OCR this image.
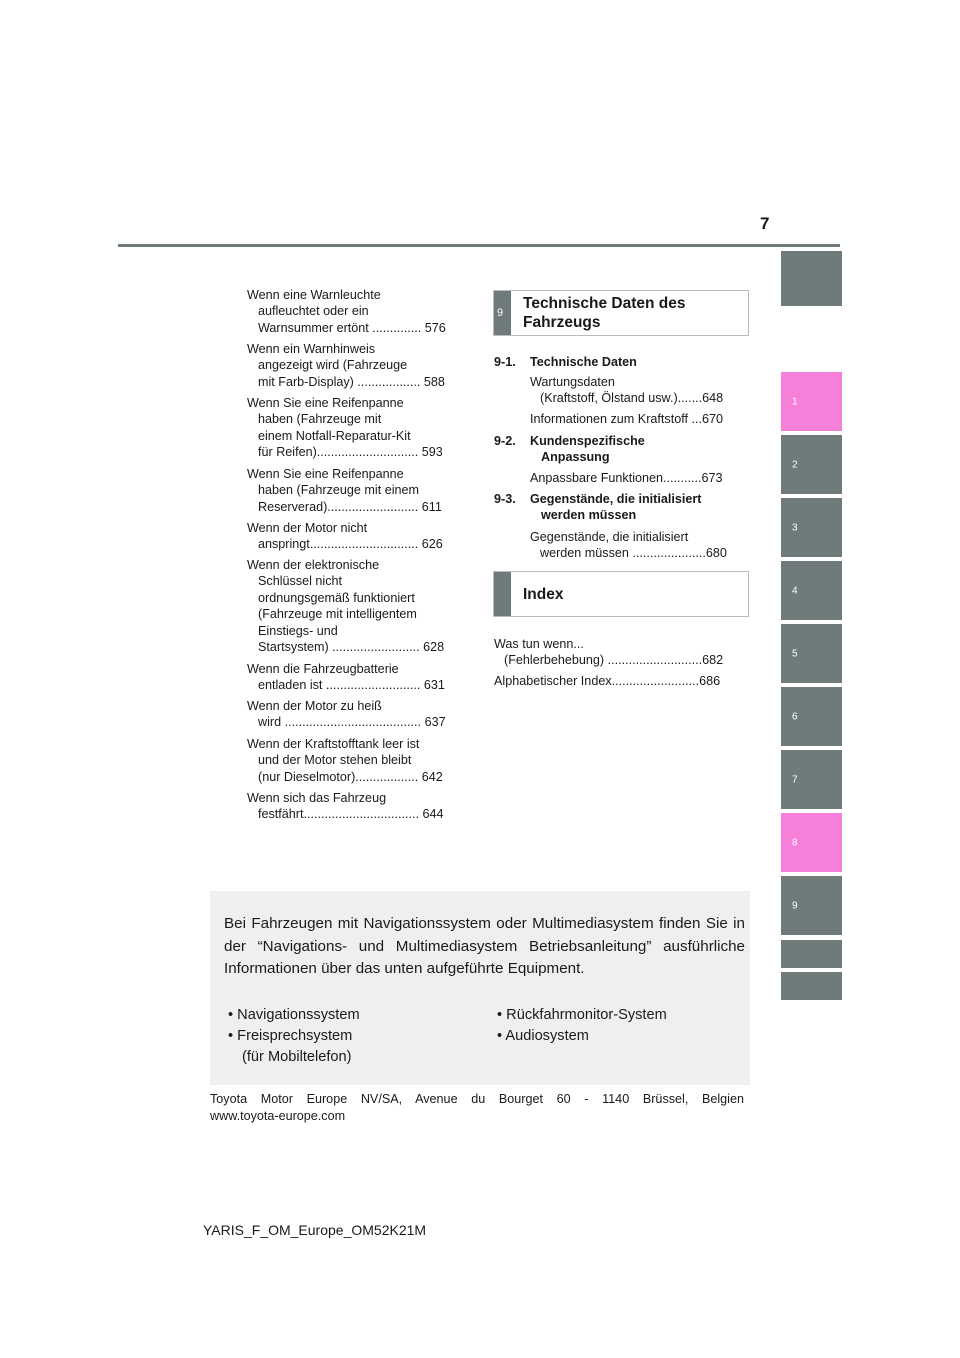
7
1
2
3
4
5
6
7
8
9
Wenn eine Warnleuchte
aufleuchtet oder ein
Warnsummer ertönt .............. 576
Wenn ein Warnhinweis
angezeigt wird (Fahrzeuge
mit Farb-Display) .................. 588
Wenn Sie eine Reifenpanne
haben (Fahrzeuge mit
einem Notfall-Reparatur-Kit
für Reifen)............................. 593
Wenn Sie eine Reifenpanne
haben (Fahrzeuge mit einem
Reserverad).......................... 611
Wenn der Motor nicht
anspringt............................... 626
Wenn der elektronische
Schlüssel nicht
ordnungsgemäß funktioniert
(Fahrzeuge mit intelligentem
Einstiegs- und
Startsystem) ......................... 628
Wenn die Fahrzeugbatterie
entladen ist ........................... 631
Wenn der Motor zu heiß
wird ....................................... 637
Wenn der Kraftstofftank leer ist
und der Motor stehen bleibt
(nur Dieselmotor).................. 642
Wenn sich das Fahrzeug
festfährt................................. 644
9
Technische Daten des
Fahrzeugs
9-1. Technische Daten
Wartungsdaten
(Kraftstoff, Ölstand usw.).......648
Informationen zum Kraftstoff ...670
9-2. Kundenspezifische
Anpassung
Anpassbare Funktionen...........673
9-3. Gegenstände, die initialisiert
werden müssen
Gegenstände, die initialisiert
werden müssen .....................680
Index
Was tun wenn...
(Fehlerbehebung) ...........................682
Alphabetischer Index.........................686
Bei Fahrzeugen mit Navigationssystem oder Multimediasystem finden Sie in der “Navigations- und Multimediasystem Betriebsanleitung” ausführliche Informationen über das unten aufgeführte Equipment.
• Navigationssystem
• Freisprechsystem
(für Mobiltelefon)
• Rückfahrmonitor-System
• Audiosystem
Toyota Motor Europe NV/SA, Avenue du Bourget 60 - 1140 Brüssel, Belgien
www.toyota-europe.com
YARIS_F_OM_Europe_OM52K21M
